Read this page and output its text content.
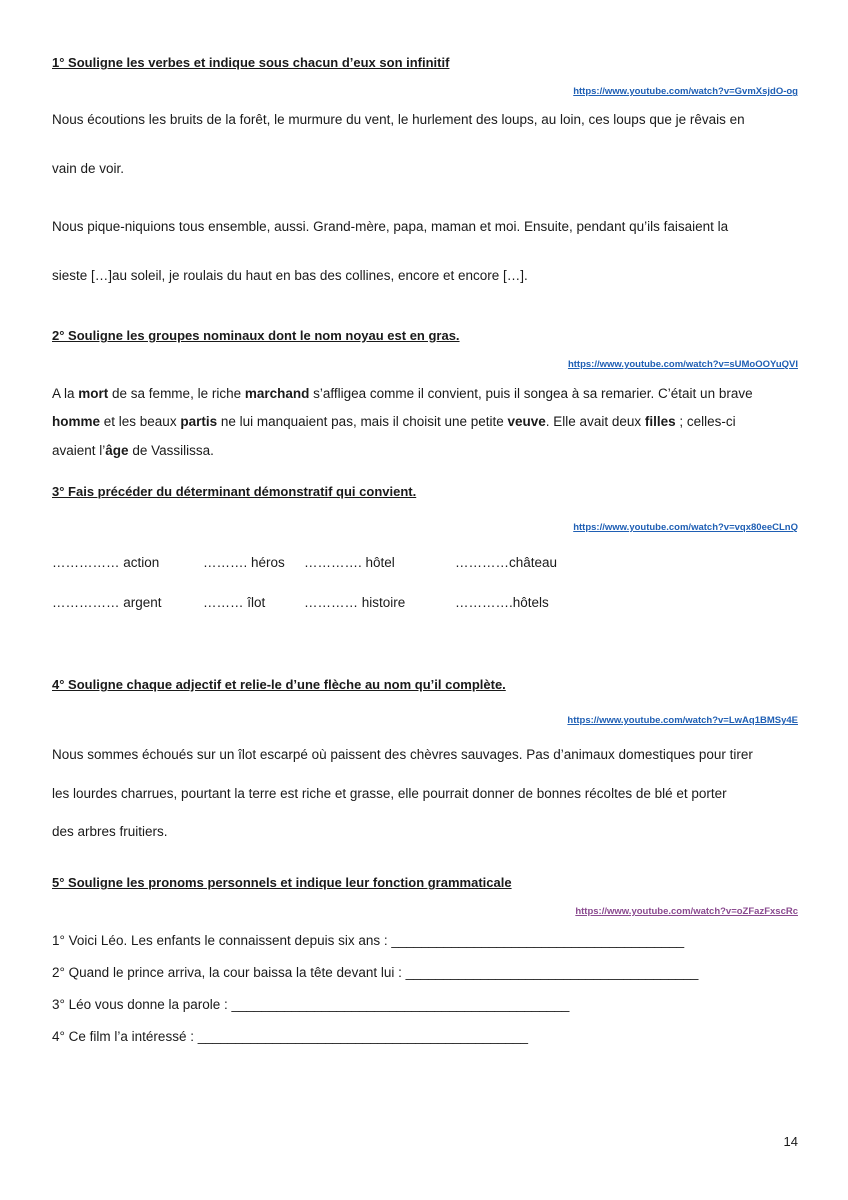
1° Souligne les verbes et indique sous chacun d’eux son infinitif
https://www.youtube.com/watch?v=GvmXsjdO-og
Nous écoutions les bruits de la forêt, le murmure du vent, le hurlement des loups, au loin, ces loups que je rêvais en
vain de voir.
Nous pique-niquions tous ensemble, aussi. Grand-mère, papa, maman et moi. Ensuite, pendant qu’ils faisaient la
sieste […]au soleil, je roulais du haut en bas des collines, encore et encore […].
2° Souligne les groupes nominaux dont le nom noyau est en gras.
https://www.youtube.com/watch?v=sUMoOOYuQVI
A la mort de sa femme, le riche marchand s’affligea comme il convient, puis il songea à sa remarier. C’était un brave
homme et les beaux partis ne lui manquaient pas, mais il choisit une petite veuve. Elle avait deux filles ; celles-ci
avaient l’âge de Vassilissa.
3° Fais précéder du déterminant démonstratif qui convient.
https://www.youtube.com/watch?v=vqx80eeCLnQ
…………… action	………. héros …………. hôtel	…………château
…………… argent	……… îlot	………… histoire	………….hôtels
4° Souligne chaque adjectif et relie-le d’une flèche au nom qu’il complète.
https://www.youtube.com/watch?v=LwAq1BMSy4E
Nous sommes échoués sur un îlot escarpé où paissent des chèvres sauvages. Pas d’animaux domestiques pour tirer
les lourdes charrues, pourtant la terre est riche et grasse, elle pourrait donner de bonnes récoltes de blé et porter
des arbres fruitiers.
5° Souligne les pronoms personnels et indique leur fonction grammaticale
https://www.youtube.com/watch?v=oZFazFxscRc
1° Voici Léo. Les enfants le connaissent depuis six ans : _______________________________________
2° Quand le prince arriva, la cour baissa la tête devant lui : _______________________________________
3° Léo vous donne la parole : _____________________________________________
4° Ce film l’a intéressé : ____________________________________________
14
